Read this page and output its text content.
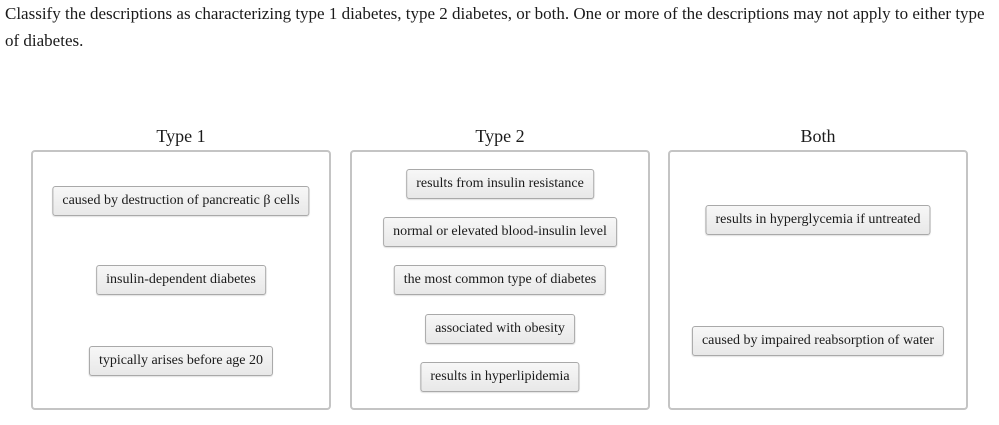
Classify the descriptions as characterizing type 1 diabetes, type 2 diabetes, or both. One or more of the descriptions may not apply to either type of diabetes.
Type 1
caused by destruction of pancreatic β cells
insulin-dependent diabetes
typically arises before age 20
Type 2
results from insulin resistance
normal or elevated blood-insulin level
the most common type of diabetes
associated with obesity
results in hyperlipidemia
Both
results in hyperglycemia if untreated
caused by impaired reabsorption of water
